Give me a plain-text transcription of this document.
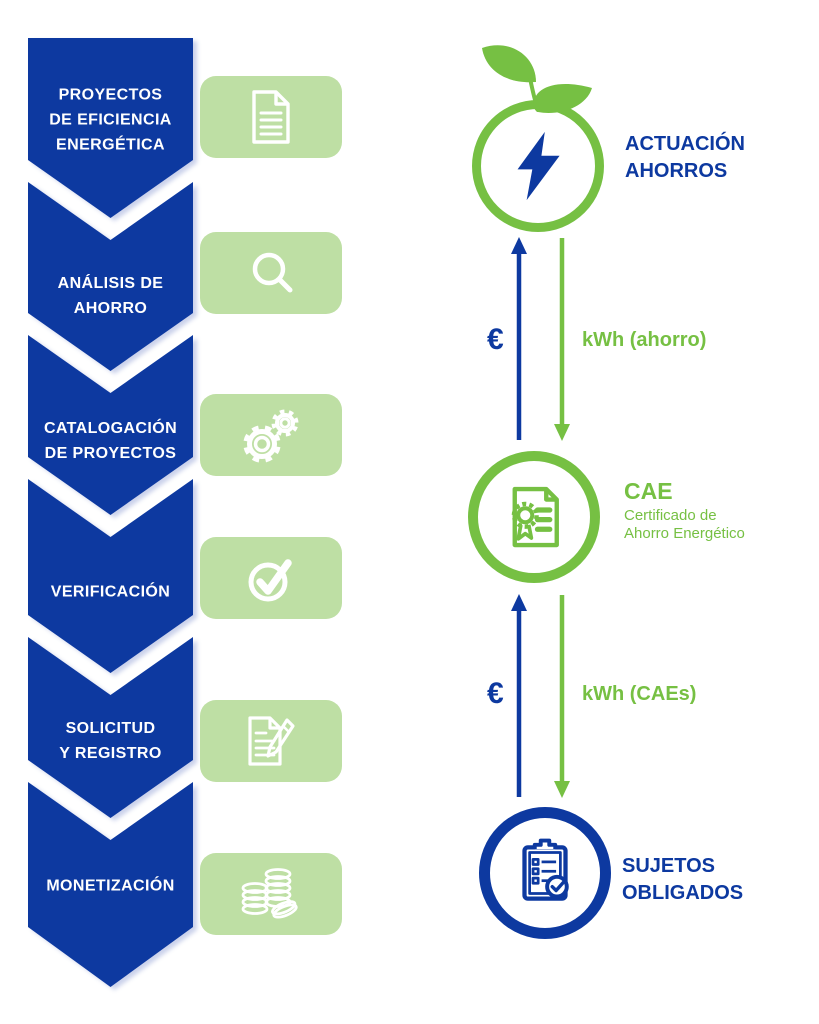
PROYECTOS
DE EFICIENCIA
ENERGÉTICA
ANÁLISIS DE
AHORRO
CATALOGACIÓN
DE PROYECTOS
VERIFICACIÓN
SOLICITUD
Y REGISTRO
MONETIZACIÓN
ACTUACIÓN
AHORROS
€	kWh (ahorro)
CAE
Certificado de
Ahorro Energético
€	kWh (CAEs)
SUJETOS
OBLIGADOS
